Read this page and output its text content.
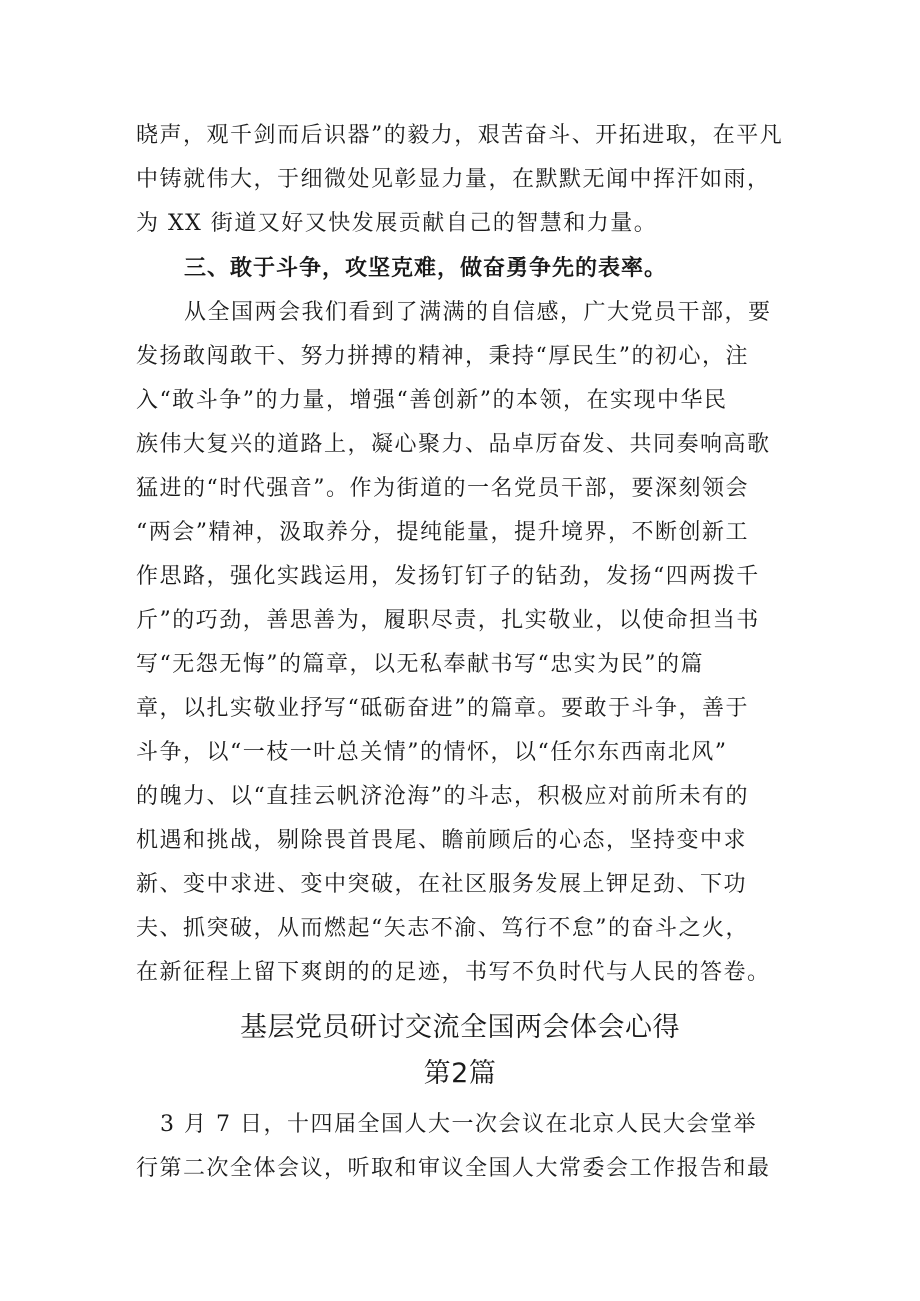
晓声，观千剑而后识器”的毅力，艰苦奋斗、开拓进取，在平凡
中铸就伟大，于细微处见彰显力量，在默默无闻中挥汗如雨，
为 XX 街道又好又快发展贡献自己的智慧和力量。
三、敢于斗争，攻坚克难，做奋勇争先的表率。
从全国两会我们看到了满满的自信感，广大党员干部，要
发扬敢闯敢干、努力拼搏的精神，秉持“厚民生”的初心，注
入“敢斗争”的力量，增强“善创新”的本领，在实现中华民
族伟大复兴的道路上，凝心聚力、品卓厉奋发、共同奏响高歌
猛进的“时代强音”。作为街道的一名党员干部，要深刻领会
“两会”精神，汲取养分，提纯能量，提升境界，不断创新工
作思路，强化实践运用，发扬钉钉子的钻劲，发扬“四两拨千
斤”的巧劲，善思善为，履职尽责，扎实敬业，以使命担当书
写“无怨无悔”的篇章，以无私奉献书写“忠实为民”的篇
章，以扎实敬业抒写“砥砺奋进”的篇章。要敢于斗争，善于
斗争，以“一枝一叶总关情”的情怀，以“任尔东西南北风”
的魄力、以“直挂云帆济沧海”的斗志，积极应对前所未有的
机遇和挑战，剔除畏首畏尾、瞻前顾后的心态，坚持变中求
新、变中求进、变中突破，在社区服务发展上钾足劲、下功
夫、抓突破，从而燃起“矢志不渝、笃行不怠”的奋斗之火，
在新征程上留下爽朗的的足迹，书写不负时代与人民的答卷。
基层党员研讨交流全国两会体会心得
第2篇
3 月 7 日，十四届全国人大一次会议在北京人民大会堂举
行第二次全体会议，听取和审议全国人大常委会工作报告和最
